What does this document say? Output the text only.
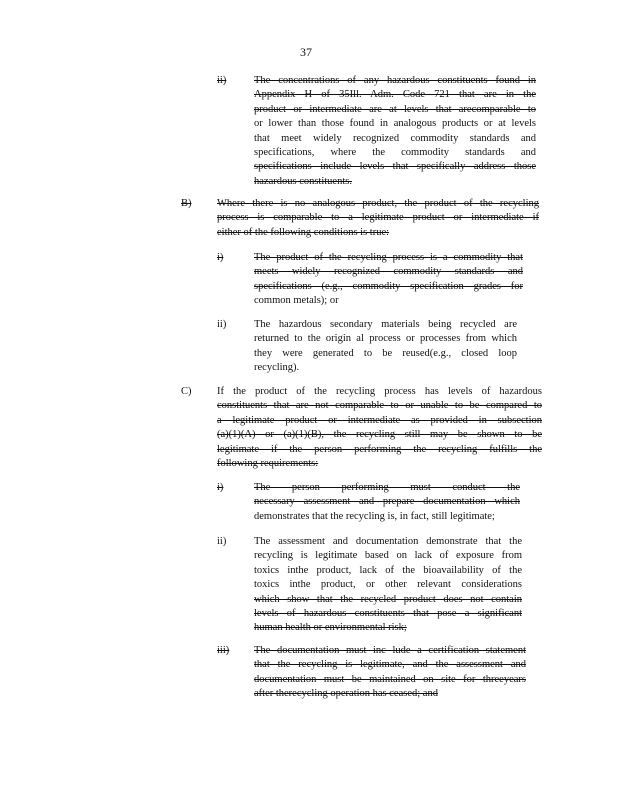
37
ii)	The concentrations of any hazardous constituents found in
Appendix H of 35Ill. Adm. Code 721 that are in the
product or intermediate are at levels that arecomparable to
or lower than those found in analogous products or at levels
that meet widely recognized commodity standards and
specifications, where the commodity standards and
specifications include levels that specifically address those
hazardous constituents.
B) Where there is no analogous product, the product of the recycling
process is comparable to a legitimate product or intermediate if
either of the following conditions is true:
i)	The product of the recycling process is a commodity that
meets widely recognized commodity standards and
specifications (e.g., commodity specification grades for
common metals); or
ii)	The hazardous secondary materials being recycled are
returned to the origin al process or processes from which
they were generated to be reused(e.g., closed loop
recycling).
C) If the product of the recycling process has levels of hazardous
constituents that are not comparable to or unable to be compared to
a legitimate product or intermediate as provided in subsection
(a)(1)(A) or (a)(1)(B), the recycling still may be shown to be
legitimate if the person performing the recycling fulfills the
following requirements:
i)	The person performing must conduct the
necessary assessment and prepare documentation which
demonstrates that the recycling is, in fact, still legitimate;
ii)	The assessment and documentation demonstrate that the
recycling is legitimate based on lack of exposure from
toxics inthe product, lack of the bioavailability of the
toxics inthe product, or other relevant considerations
which show that the recycled product does not contain
levels of hazardous constituents that pose a significant
human health or environmental risk;
iii) The documentation must inc lude a certification statement
that the recycling is legitimate, and the assessment and
documentation must be maintained on site for threeyears
after therecycling operation has ceased; and
